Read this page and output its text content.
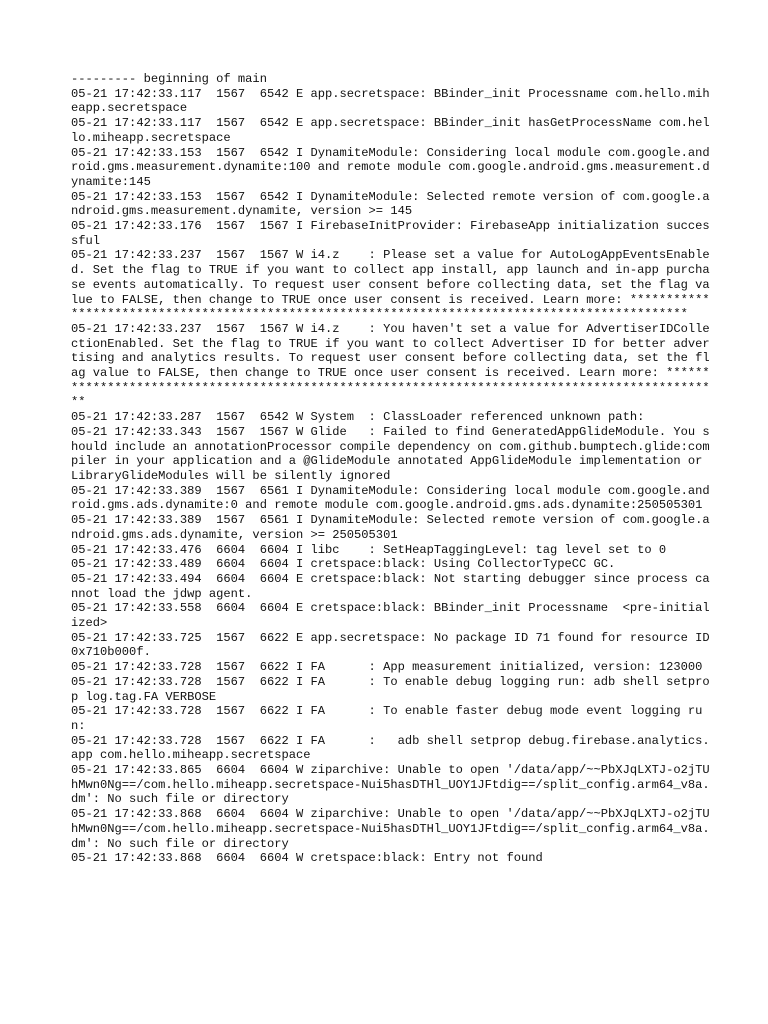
--------- beginning of main
05-21 17:42:33.117  1567  6542 E app.secretspace: BBinder_init Processname com.hello.miheapp.secretspace
05-21 17:42:33.117  1567  6542 E app.secretspace: BBinder_init hasGetProcessName com.hello.miheapp.secretspace
05-21 17:42:33.153  1567  6542 I DynamiteModule: Considering local module com.google.android.gms.measurement.dynamite:100 and remote module com.google.android.gms.measurement.dynamite:145
05-21 17:42:33.153  1567  6542 I DynamiteModule: Selected remote version of com.google.android.gms.measurement.dynamite, version >= 145
05-21 17:42:33.176  1567  1567 I FirebaseInitProvider: FirebaseApp initialization successful
05-21 17:42:33.237  1567  1567 W i4.z    : Please set a value for AutoLogAppEventsEnabled. Set the flag to TRUE if you want to collect app install, app launch and in-app purchase events automatically. To request user consent before collecting data, set the flag value to FALSE, then change to TRUE once user consent is received. Learn more: ************************************************************************************************
05-21 17:42:33.237  1567  1567 W i4.z    : You haven't set a value for AdvertiserIDCollectionEnabled. Set the flag to TRUE if you want to collect Advertiser ID for better advertising and analytics results. To request user consent before collecting data, set the flag value to FALSE, then change to TRUE once user consent is received. Learn more: ************************************************************************************************
05-21 17:42:33.287  1567  6542 W System  : ClassLoader referenced unknown path:
05-21 17:42:33.343  1567  1567 W Glide   : Failed to find GeneratedAppGlideModule. You should include an annotationProcessor compile dependency on com.github.bumptech.glide:compiler in your application and a @GlideModule annotated AppGlideModule implementation or LibraryGlideModules will be silently ignored
05-21 17:42:33.389  1567  6561 I DynamiteModule: Considering local module com.google.android.gms.ads.dynamite:0 and remote module com.google.android.gms.ads.dynamite:250505301
05-21 17:42:33.389  1567  6561 I DynamiteModule: Selected remote version of com.google.android.gms.ads.dynamite, version >= 250505301
05-21 17:42:33.476  6604  6604 I libc    : SetHeapTaggingLevel: tag level set to 0
05-21 17:42:33.489  6604  6604 I cretspace:black: Using CollectorTypeCC GC.
05-21 17:42:33.494  6604  6604 E cretspace:black: Not starting debugger since process cannot load the jdwp agent.
05-21 17:42:33.558  6604  6604 E cretspace:black: BBinder_init Processname  <pre-initialized>
05-21 17:42:33.725  1567  6622 E app.secretspace: No package ID 71 found for resource ID 0x710b000f.
05-21 17:42:33.728  1567  6622 I FA      : App measurement initialized, version: 123000
05-21 17:42:33.728  1567  6622 I FA      : To enable debug logging run: adb shell setprop log.tag.FA VERBOSE
05-21 17:42:33.728  1567  6622 I FA      : To enable faster debug mode event logging run:
05-21 17:42:33.728  1567  6622 I FA      :   adb shell setprop debug.firebase.analytics.app com.hello.miheapp.secretspace
05-21 17:42:33.865  6604  6604 W ziparchive: Unable to open '/data/app/~~PbXJqLXTJ-o2jTUhMwn0Ng==/com.hello.miheapp.secretspace-Nui5hasDTHl_UOY1JFtdig==/split_config.arm64_v8a.dm': No such file or directory
05-21 17:42:33.868  6604  6604 W ziparchive: Unable to open '/data/app/~~PbXJqLXTJ-o2jTUhMwn0Ng==/com.hello.miheapp.secretspace-Nui5hasDTHl_UOY1JFtdig==/split_config.arm64_v8a.dm': No such file or directory
05-21 17:42:33.868  6604  6604 W cretspace:black: Entry not found
